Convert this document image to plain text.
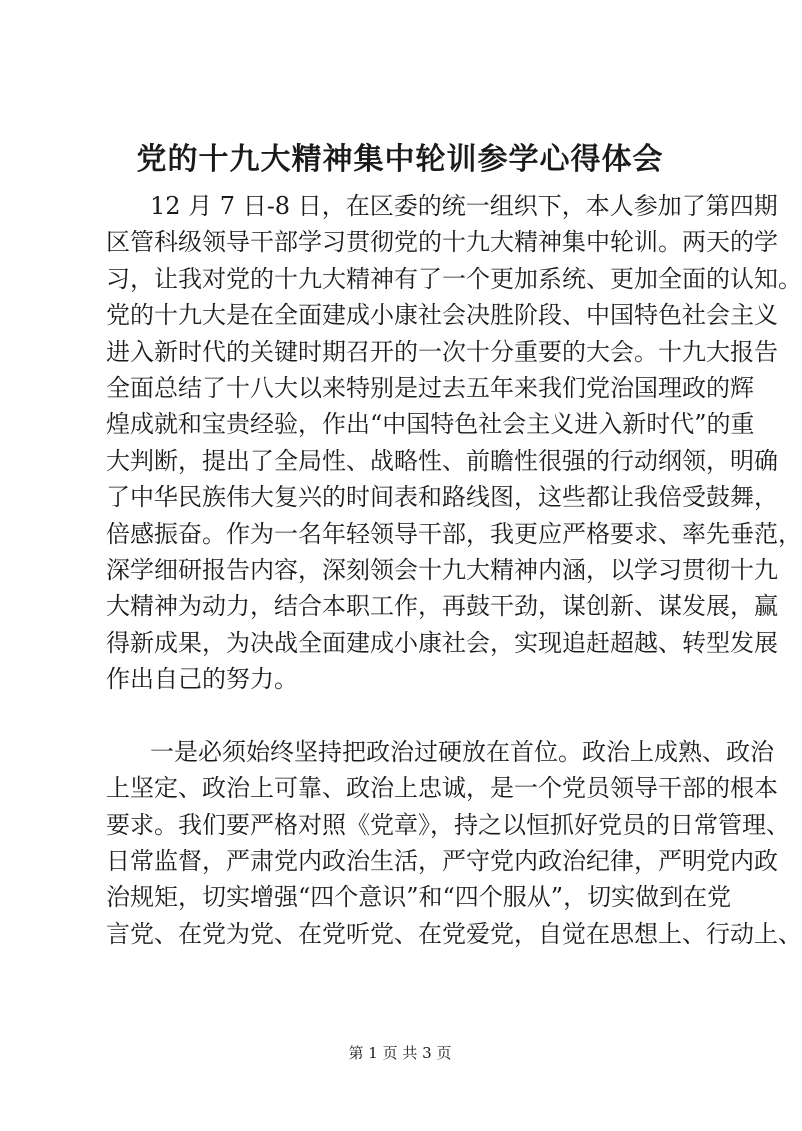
党的十九大精神集中轮训参学心得体会
12 月 7 日-8 日，在区委的统一组织下，本人参加了第四期
区管科级领导干部学习贯彻党的十九大精神集中轮训。两天的学
习，让我对党的十九大精神有了一个更加系统、更加全面的认知。
党的十九大是在全面建成小康社会决胜阶段、中国特色社会主义
进入新时代的关键时期召开的一次十分重要的大会。十九大报告
全面总结了十八大以来特别是过去五年来我们党治国理政的辉
煌成就和宝贵经验，作出“中国特色社会主义进入新时代”的重
大判断，提出了全局性、战略性、前瞻性很强的行动纲领，明确
了中华民族伟大复兴的时间表和路线图，这些都让我倍受鼓舞，
倍感振奋。作为一名年轻领导干部，我更应严格要求、率先垂范，
深学细研报告内容，深刻领会十九大精神内涵，以学习贯彻十九
大精神为动力，结合本职工作，再鼓干劲，谋创新、谋发展，赢
得新成果，为决战全面建成小康社会，实现追赶超越、转型发展
作出自己的努力。
一是必须始终坚持把政治过硬放在首位。政治上成熟、政治
上坚定、政治上可靠、政治上忠诚，是一个党员领导干部的根本
要求。我们要严格对照《党章》，持之以恒抓好党员的日常管理、
日常监督，严肃党内政治生活，严守党内政治纪律，严明党内政
治规矩，切实增强“四个意识”和“四个服从”，切实做到在党
言党、在党为党、在党听党、在党爱党，自觉在思想上、行动上、
第 1 页 共 3 页
